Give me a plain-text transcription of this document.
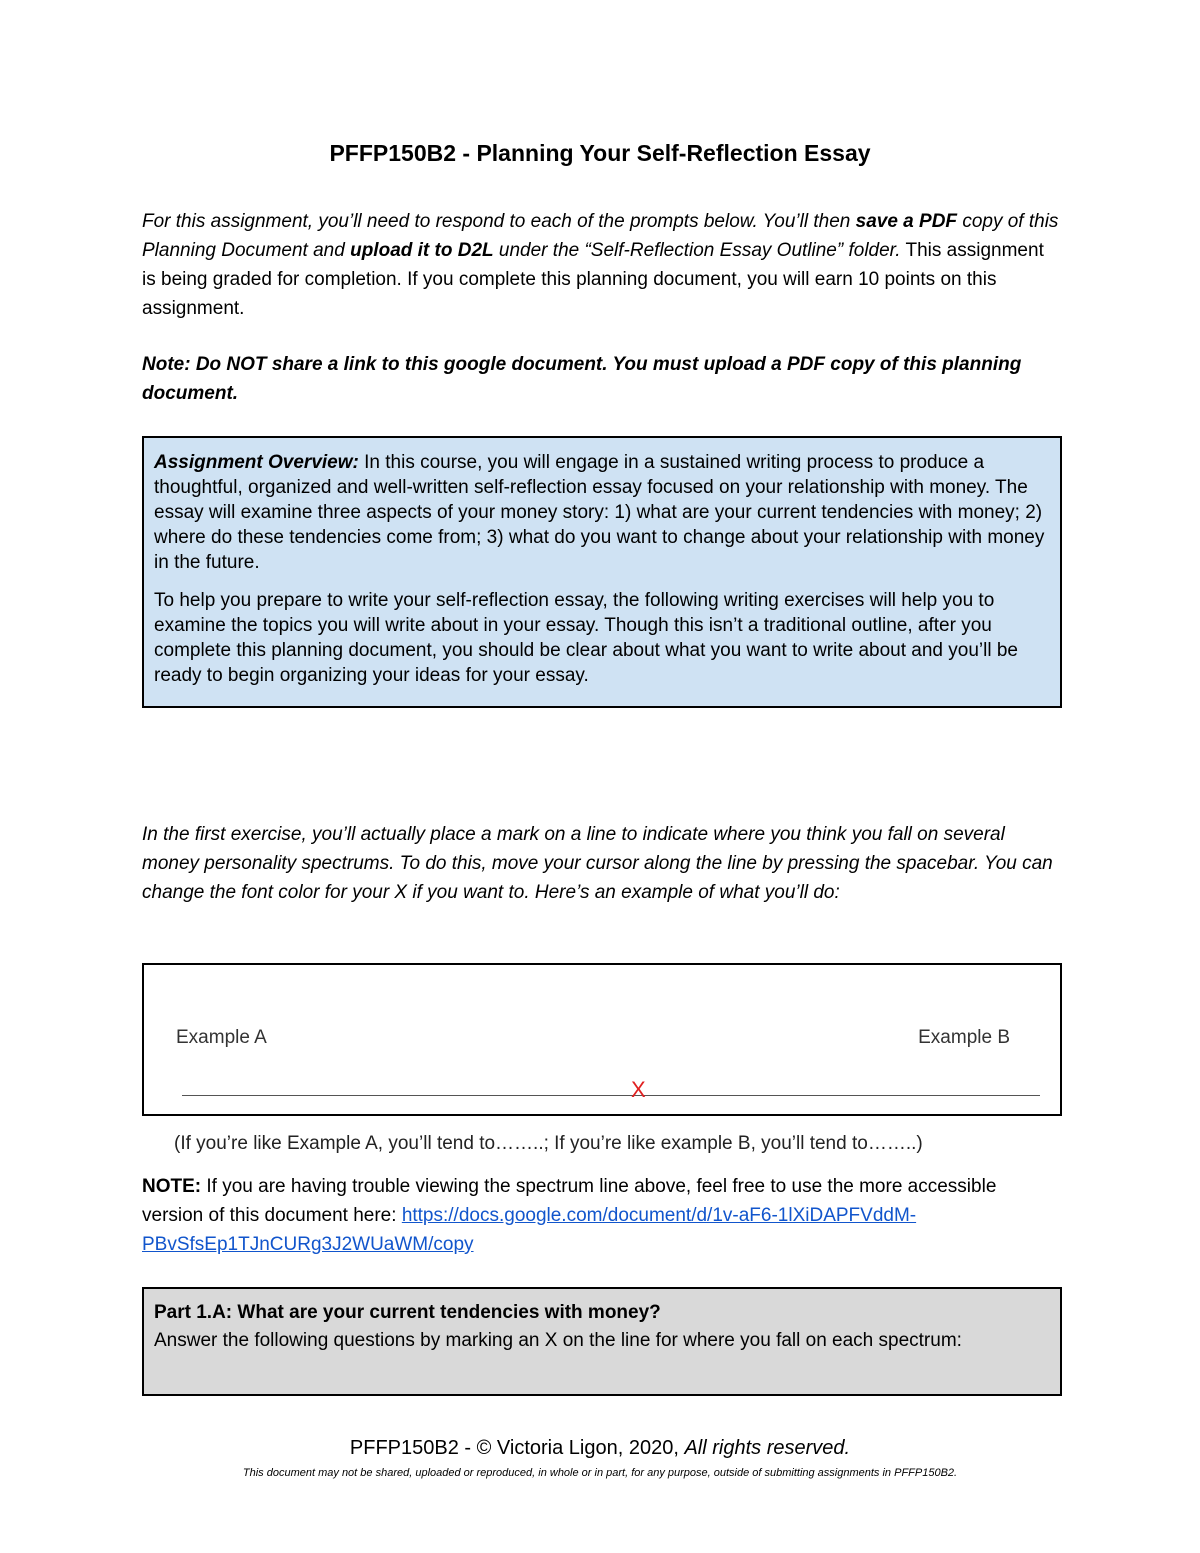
PFFP150B2 - Planning Your Self-Reflection Essay

For this assignment, you’ll need to respond to each of the prompts below. You’ll then save a PDF copy of this Planning Document and upload it to D2L under the “Self-Reflection Essay Outline” folder. This assignment is being graded for completion. If you complete this planning document, you will earn 10 points on this assignment.

Note: Do NOT share a link to this google document. You must upload a PDF copy of this planning document.

Assignment Overview: In this course, you will engage in a sustained writing process to produce a thoughtful, organized and well-written self-reflection essay focused on your relationship with money. The essay will examine three aspects of your money story: 1) what are your current tendencies with money; 2) where do these tendencies come from; 3) what do you want to change about your relationship with money in the future.

To help you prepare to write your self-reflection essay, the following writing exercises will help you to examine the topics you will write about in your essay. Though this isn’t a traditional outline, after you complete this planning document, you should be clear about what you want to write about and you’ll be ready to begin organizing your ideas for your essay.

In the first exercise, you’ll actually place a mark on a line to indicate where you think you fall on several money personality spectrums. To do this, move your cursor along the line by pressing the spacebar. You can change the font color for your X if you want to. Here’s an example of what you’ll do:

Example A	Example B
X

(If you’re like Example A, you’ll tend to……..; If you’re like example B, you’ll tend to……..)

NOTE: If you are having trouble viewing the spectrum line above, feel free to use the more accessible version of this document here: https://docs.google.com/document/d/1v-aF6-1lXiDAPFVddM-PBvSfsEp1TJnCURg3J2WUaWM/copy

Part 1.A: What are your current tendencies with money?
Answer the following questions by marking an X on the line for where you fall on each spectrum:

PFFP150B2 - © Victoria Ligon, 2020, All rights reserved.

This document may not be shared, uploaded or reproduced, in whole or in part, for any purpose, outside of submitting assignments in PFFP150B2.
